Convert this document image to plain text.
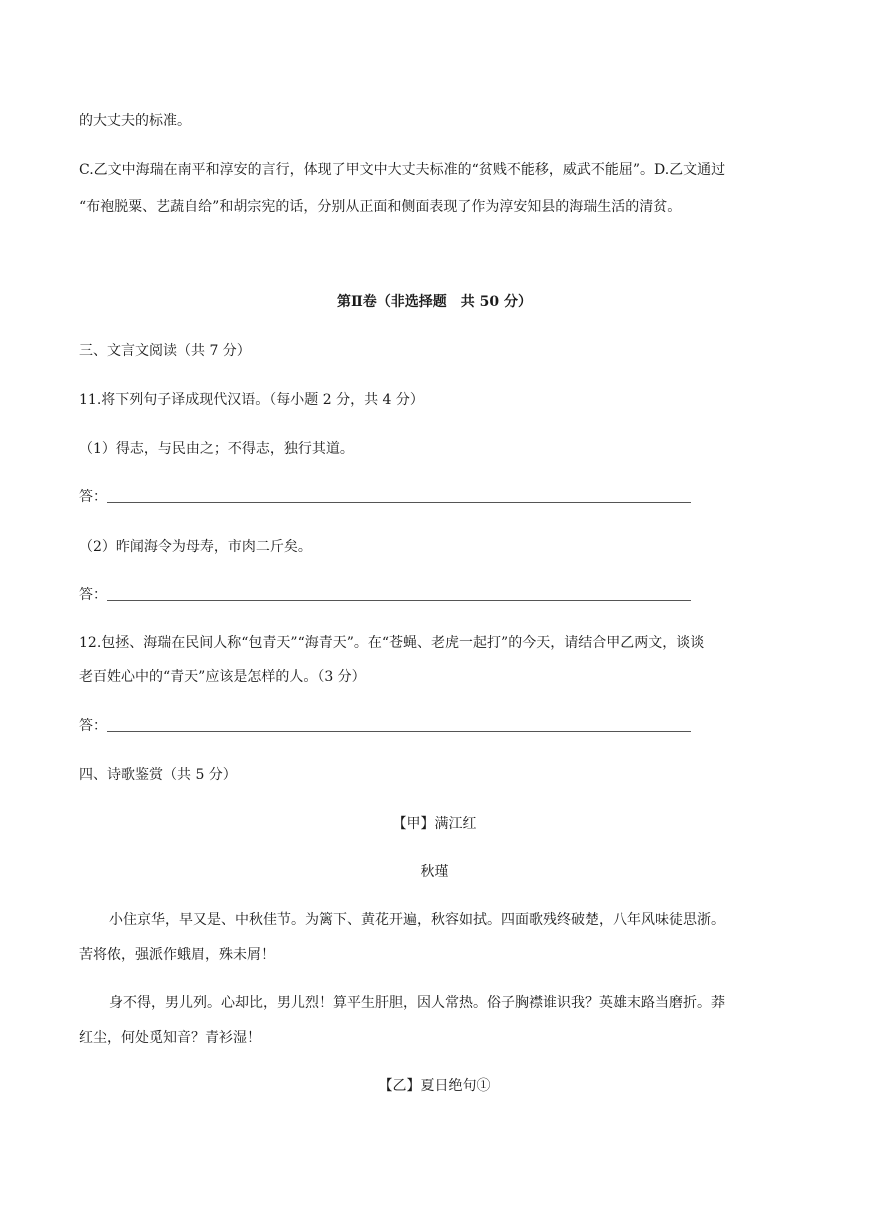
的大丈夫的标准。
C.乙文中海瑞在南平和淳安的言行，体现了甲文中大丈夫标准的“贫贱不能移，威武不能屈”。D.乙文通过
“布袍脱粟、艺蔬自给”和胡宗宪的话，分别从正面和侧面表现了作为淳安知县的海瑞生活的清贫。
第Ⅱ卷（非选择题　共 50 分）
三、文言文阅读（共 7 分）
11.将下列句子译成现代汉语。（每小题 2 分，共 4 分）
（1）得志，与民由之；不得志，独行其道。
答：
（2）昨闻海令为母寿，市肉二斤矣。
答：
12.包拯、海瑞在民间人称“包青天”“海青天”。在“苍蝇、老虎一起打”的今天，请结合甲乙两文，谈谈
老百姓心中的“青天”应该是怎样的人。（3 分）
答：
四、诗歌鉴赏（共 5 分）
【甲】满江红
秋瑾
小住京华，早又是、中秋佳节。为篱下、黄花开遍，秋容如拭。四面歌残终破楚，八年风味徒思浙。
苦将侬，强派作蛾眉，殊未屑！
身不得，男儿列。心却比，男儿烈！算平生肝胆，因人常热。俗子胸襟谁识我？英雄末路当磨折。莽
红尘，何处觅知音？青衫湿！
【乙】夏日绝句①
